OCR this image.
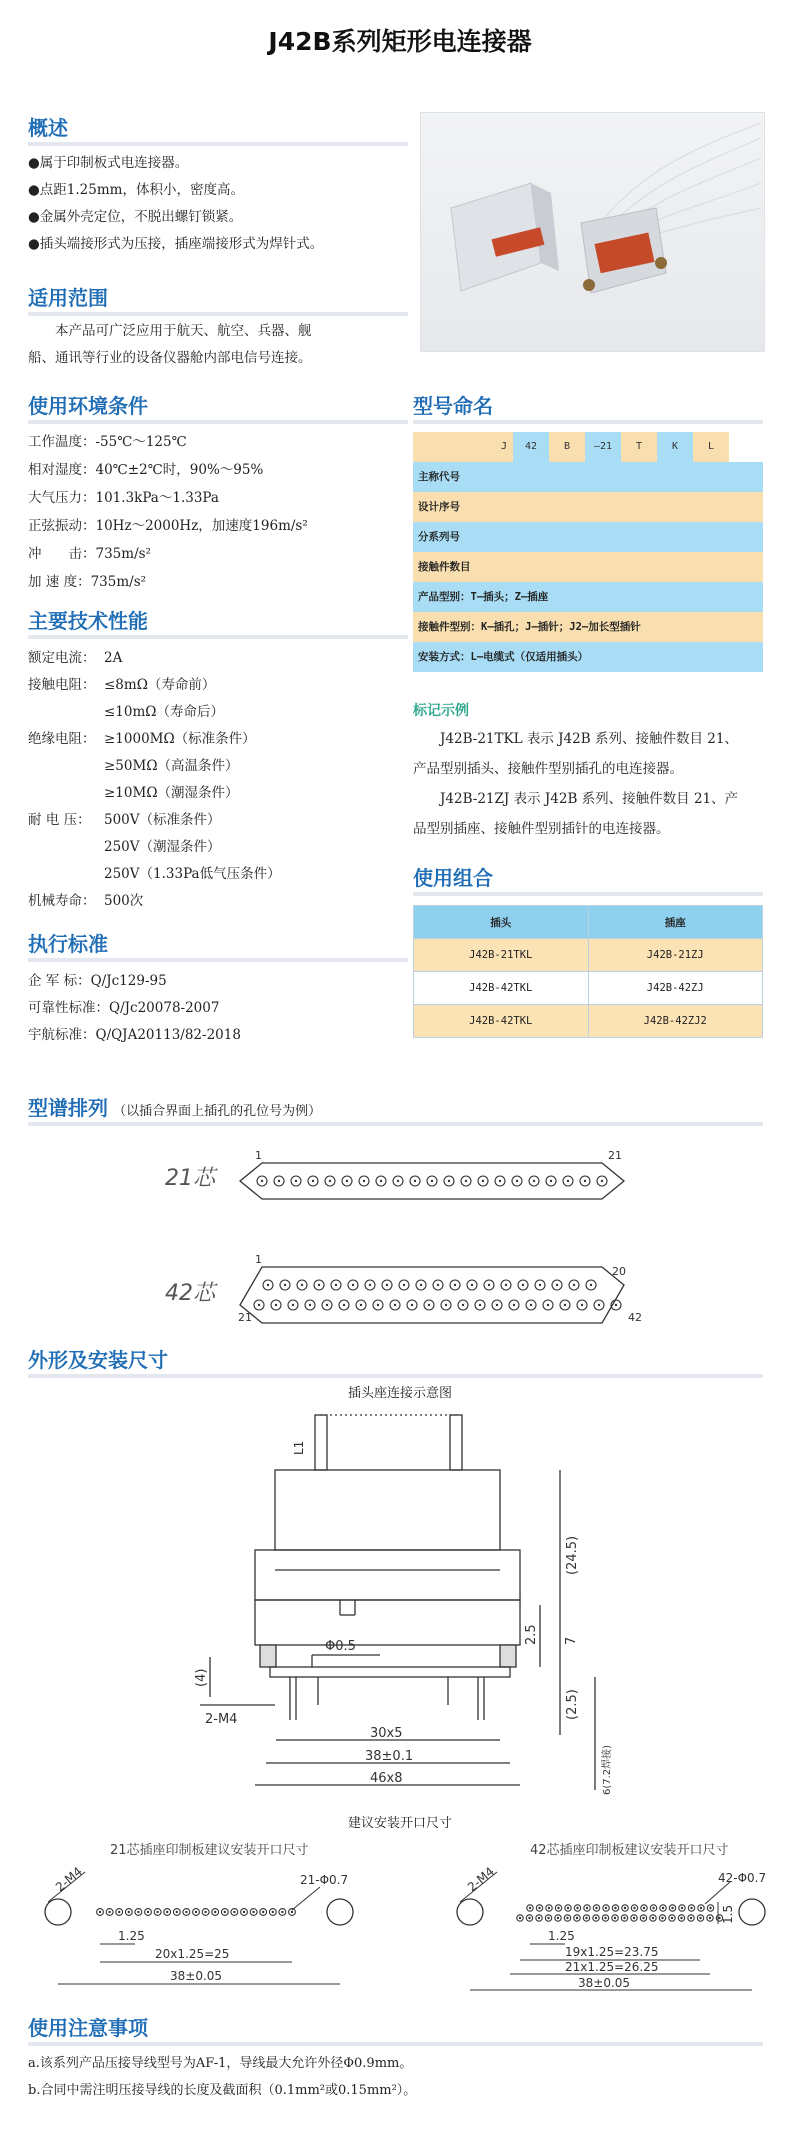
J42B系列矩形电连接器
概述
●属于印制板式电连接器。
●点距1.25mm，体积小，密度高。
●金属外壳定位，不脱出螺钉锁紧。
●插头端接形式为压接，插座端接形式为焊针式。
适用范围
　　本产品可广泛应用于航天、航空、兵器、舰
船、通讯等行业的设备仪器舱内部电信号连接。
使用环境条件
工作温度：-55℃～125℃
相对湿度：40℃±2℃时，90%～95%
大气压力：101.3kPa～1.33Pa
正弦振动：10Hz～2000Hz，加速度196m/s²
冲　　击：735m/s²
加 速 度：735m/s²
型号命名
J	42	B	—21	T	K	L
主称代号
设计序号
分系列号
接触件数目
产品型别：T—插头；Z—插座
接触件型别：K—插孔；J—插针；J2—加长型插针
安装方式：L—电缆式（仅适用插头）
标记示例
　　J42B-21TKL 表示 J42B 系列、接触件数目 21、
产品型别插头、接触件型别插孔的电连接器。
　　J42B-21ZJ 表示 J42B 系列、接触件数目 21、产
品型别插座、接触件型别插针的电连接器。
主要技术性能
额定电流： 2A
接触电阻： ≤8mΩ（寿命前）
≤10mΩ（寿命后）
绝缘电阻： ≥1000MΩ（标准条件）
≥50MΩ（高温条件）
≥10MΩ（潮湿条件）
耐 电 压： 500V（标准条件）
250V（潮湿条件）
250V（1.33Pa低气压条件）
机械寿命： 500次
使用组合
插头	插座
J42B-21TKL	J42B-21ZJ
J42B-42TKL	J42B-42ZJ
J42B-42TKL	J42B-42ZJ2
执行标准
企 军 标：Q/Jc129-95
可靠性标准：Q/Jc20078-2007
宇航标准：Q/QJA20113/82-2018
型谱排列 （以插合界面上插孔的孔位号为例）
21芯
1	21
42芯
1
20
21	42
外形及安装尺寸
插头座连接示意图
L1
(24.5)
2.5 7
(4)
(2.5)
2-M4
Φ0.5
30x5
38±0.1
46x8	6(7.2焊接)
建议安装开口尺寸
21芯插座印制板建议安装开口尺寸
2-M4	21-Φ0.7
1.25
20x1.25=25
38±0.05
42芯插座印制板建议安装开口尺寸
2-M4	42-Φ0.7
1.25
1.5
19x1.25=23.75
21x1.25=26.25
38±0.05
使用注意事项
a.该系列产品压接导线型号为AF-1，导线最大允许外径Φ0.9mm。
b.合同中需注明压接导线的长度及截面积（0.1mm²或0.15mm²）。
